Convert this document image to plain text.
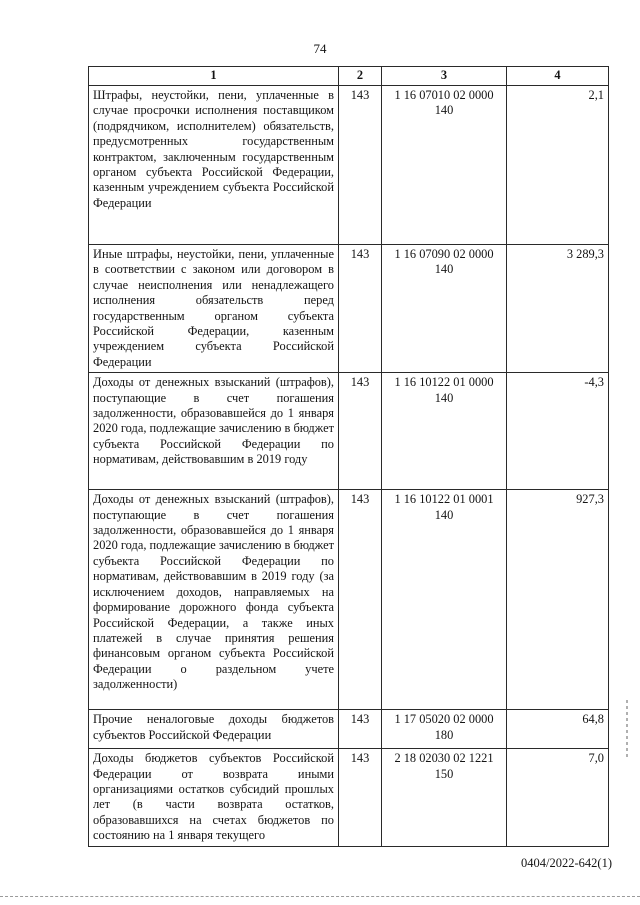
74
1	2	3	4
Штрафы, неустойки, пени, уплаченные в случае просрочки исполнения поставщиком (подрядчиком, исполнителем) обязательств, предусмотренных государственным контрактом, заключенным государственным органом субъекта Российской Федерации, казенным учреждением субъекта Российской Федерации	143	1 16 07010 02 0000 140	2,1
Иные штрафы, неустойки, пени, уплаченные в соответствии с законом или договором в случае неисполнения или ненадлежащего исполнения обязательств перед государственным органом субъекта Российской Федерации, казенным учреждением субъекта Российской Федерации	143	1 16 07090 02 0000 140	3 289,3
Доходы от денежных взысканий (штрафов), поступающие в счет погашения задолженности, образовавшейся до 1 января 2020 года, подлежащие зачислению в бюджет субъекта Российской Федерации по нормативам, действовавшим в 2019 году	143	1 16 10122 01 0000 140	-4,3
Доходы от денежных взысканий (штрафов), поступающие в счет погашения задолженности, образовавшейся до 1 января 2020 года, подлежащие зачислению в бюджет субъекта Российской Федерации по нормативам, действовавшим в 2019 году (за исключением доходов, направляемых на формирование дорожного фонда субъекта Российской Федерации, а также иных платежей в случае принятия решения финансовым органом субъекта Российской Федерации о раздельном учете задолженности)	143	1 16 10122 01 0001 140	927,3
Прочие неналоговые доходы бюджетов субъектов Российской Федерации	143	1 17 05020 02 0000 180	64,8
Доходы бюджетов субъектов Российской Федерации от возврата иными организациями остатков субсидий прошлых лет (в части возврата остатков, образовавшихся на счетах бюджетов по состоянию на 1 января текущего	143	2 18 02030 02 1221 150	7,0
0404/2022-642(1)
